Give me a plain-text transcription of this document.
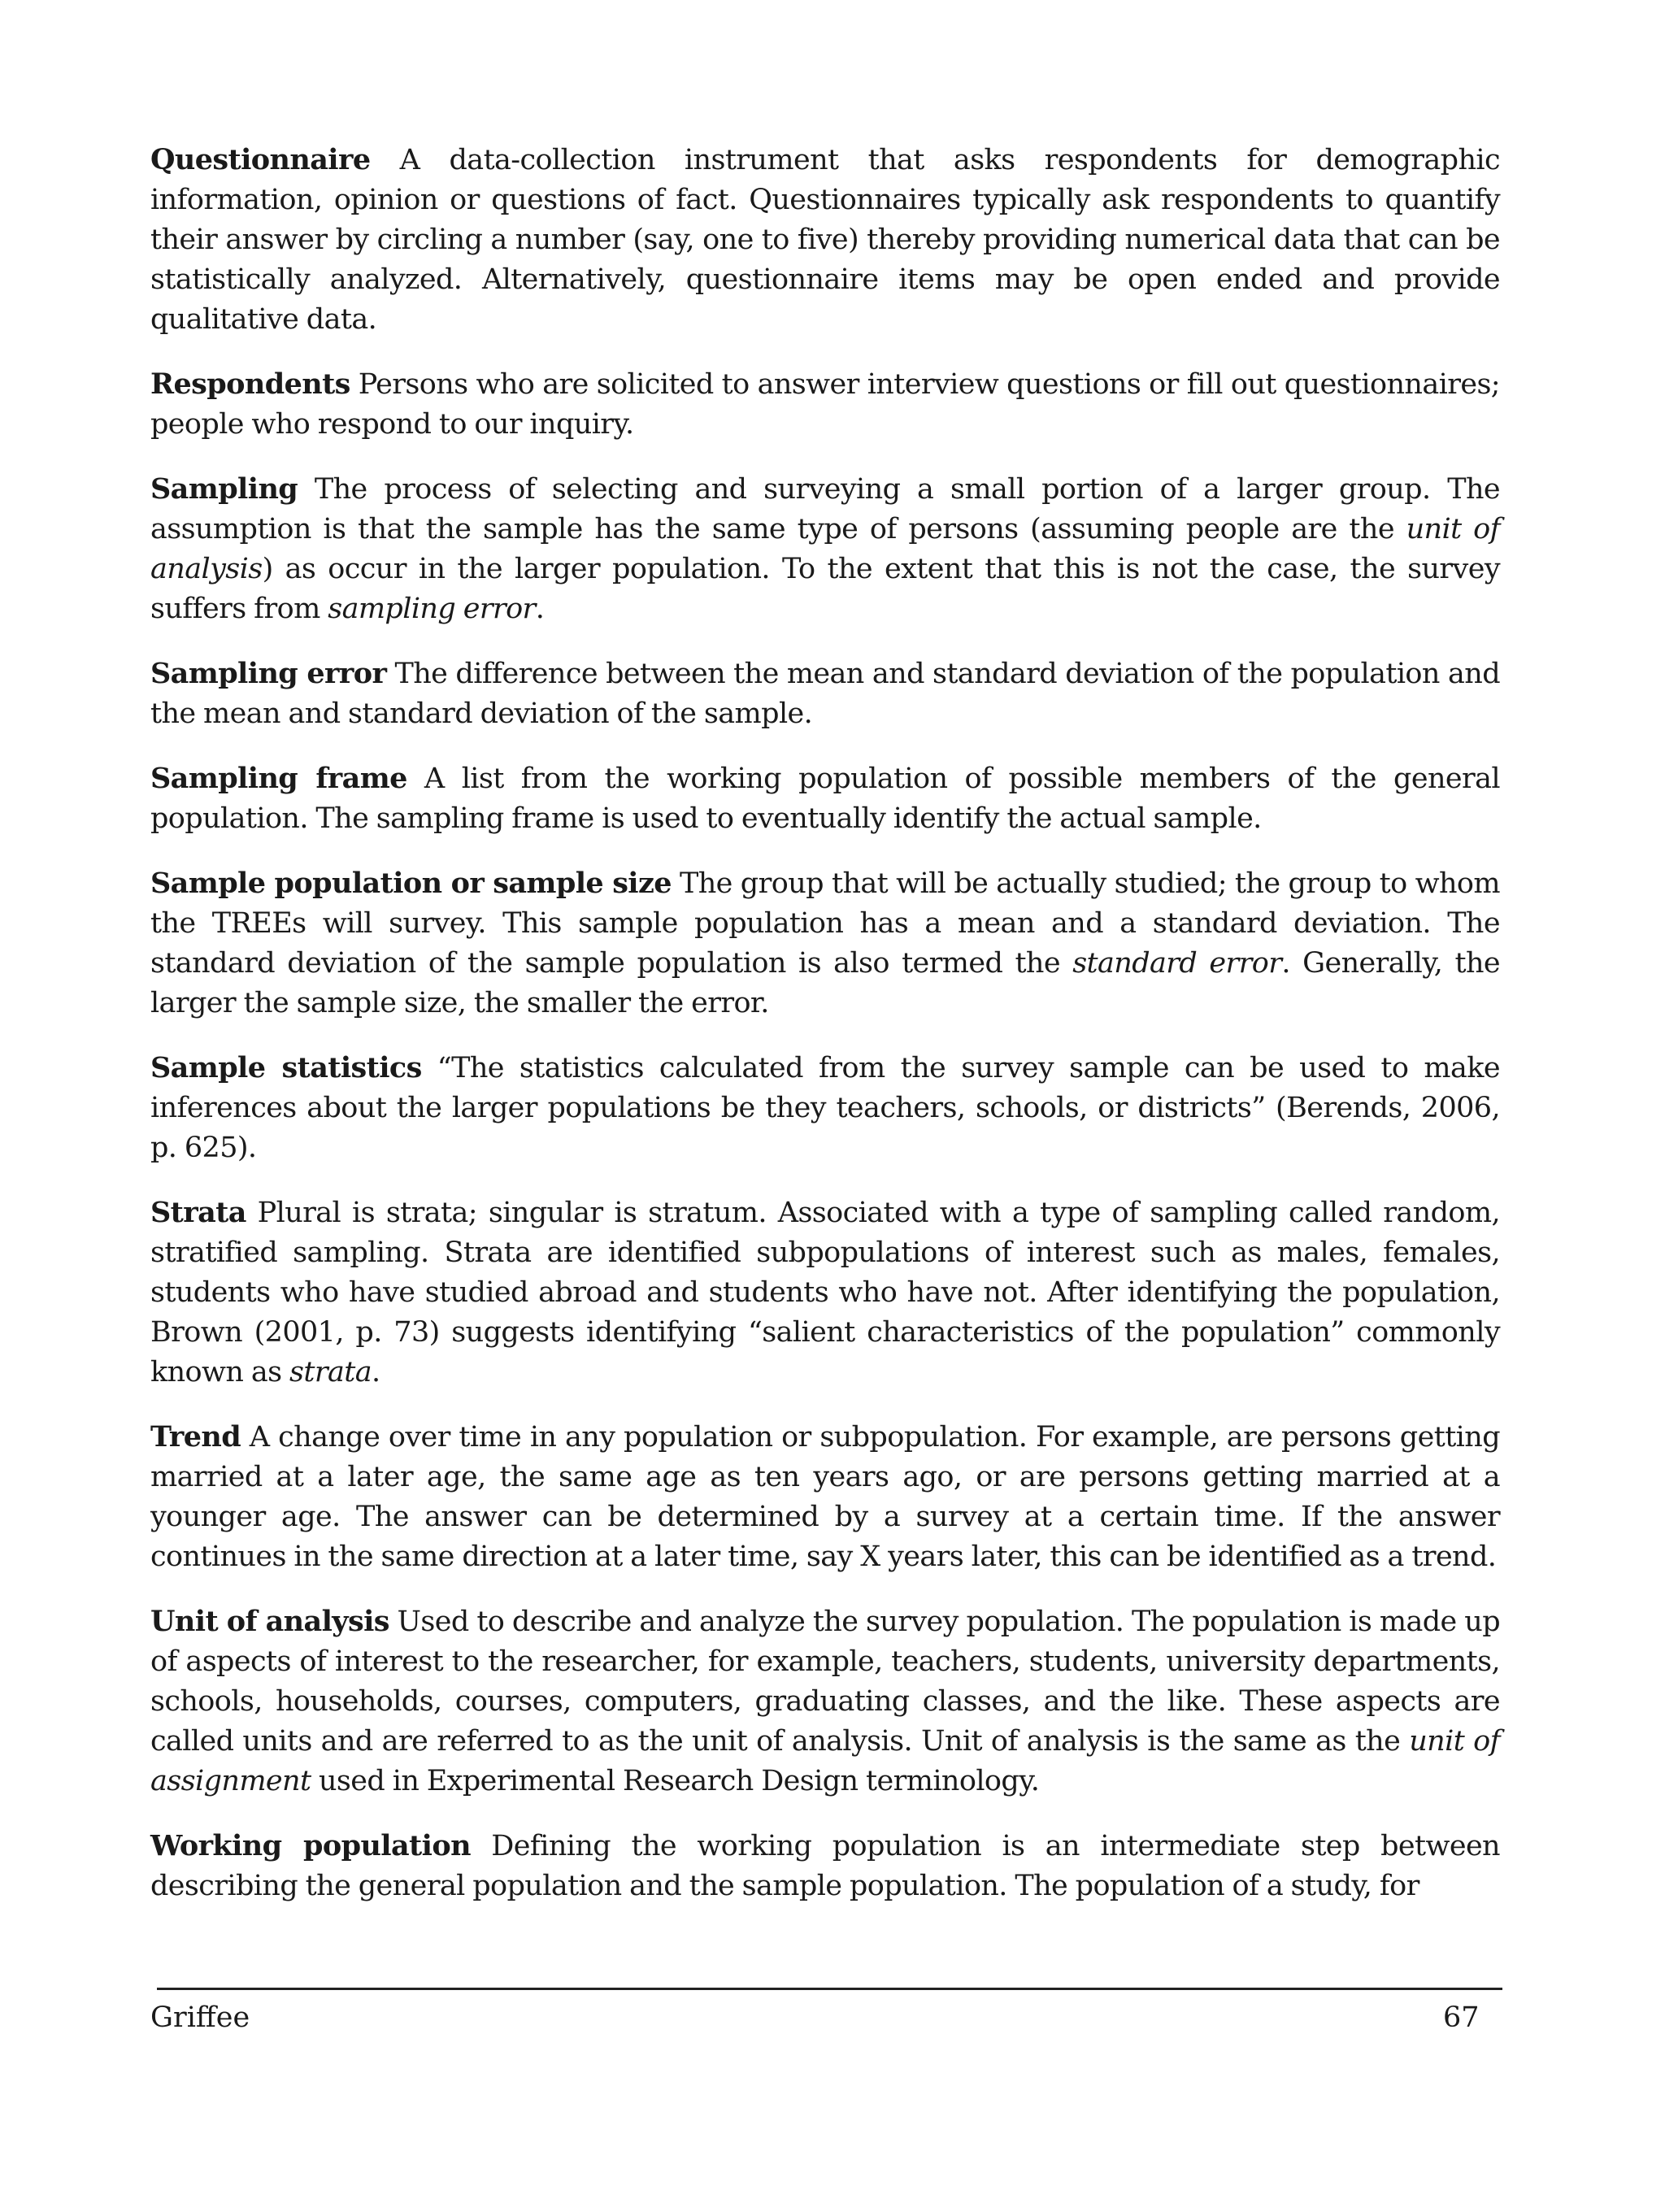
Questionnaire A data-collection instrument that asks respondents for demographic information, opinion or questions of fact. Questionnaires typically ask respondents to quantify their answer by circling a number (say, one to five) thereby providing numerical data that can be statistically analyzed. Alternatively, questionnaire items may be open ended and provide qualitative data.

Respondents Persons who are solicited to answer interview questions or fill out questionnaires; people who respond to our inquiry.

Sampling The process of selecting and surveying a small portion of a larger group. The assumption is that the sample has the same type of persons (assuming people are the unit of analysis) as occur in the larger population. To the extent that this is not the case, the survey suffers from sampling error.

Sampling error The difference between the mean and standard deviation of the population and the mean and standard deviation of the sample.

Sampling frame A list from the working population of possible members of the general population. The sampling frame is used to eventually identify the actual sample.

Sample population or sample size The group that will be actually studied; the group to whom the TREEs will survey. This sample population has a mean and a standard deviation. The standard deviation of the sample population is also termed the standard error. Generally, the larger the sample size, the smaller the error.

Sample statistics “The statistics calculated from the survey sample can be used to make inferences about the larger populations be they teachers, schools, or districts” (Berends, 2006, p. 625).

Strata Plural is strata; singular is stratum. Associated with a type of sampling called random, stratified sampling. Strata are identified subpopulations of interest such as males, females, students who have studied abroad and students who have not. After identifying the population, Brown (2001, p. 73) suggests identifying “salient characteristics of the population” commonly known as strata.

Trend A change over time in any population or subpopulation. For example, are persons getting married at a later age, the same age as ten years ago, or are persons getting married at a younger age. The answer can be determined by a survey at a certain time. If the answer continues in the same direction at a later time, say X years later, this can be identified as a trend.

Unit of analysis Used to describe and analyze the survey population. The population is made up of aspects of interest to the researcher, for example, teachers, students, university departments, schools, households, courses, computers, graduating classes, and the like. These aspects are called units and are referred to as the unit of analysis. Unit of analysis is the same as the unit of assignment used in Experimental Research Design terminology.

Working population Defining the working population is an intermediate step between describing the general population and the sample population. The population of a study, for

Griffee	67
